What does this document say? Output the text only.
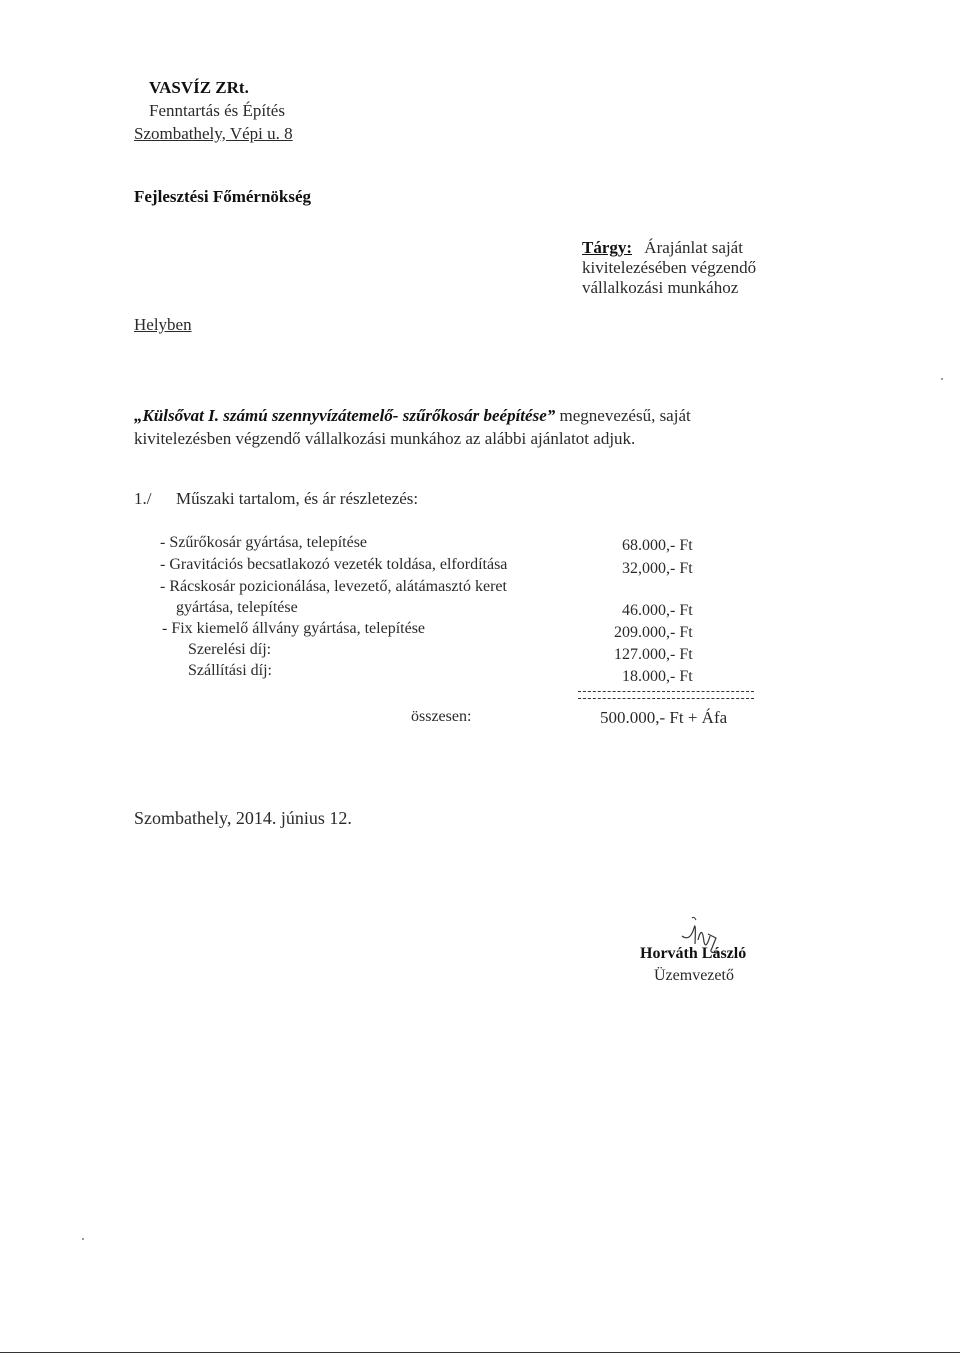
VASVÍZ ZRt.
Fenntartás és Építés
Szombathely, Vépi u. 8
Fejlesztési Főmérnökség
Tárgy: Árajánlat saját
kivitelezésében végzendő
vállalkozási munkához
Helyben
„Külsővat I. számú szennyvízátemelő- szűrőkosár beépítése” megnevezésű, saját
kivitelezésben végzendő vállalkozási munkához az alábbi ajánlatot adjuk.
1./ Műszaki tartalom, és ár részletezés:
- Szűrőkosár gyártása, telepítése	68.000,- Ft
- Gravitációs becsatlakozó vezeték toldása, elfordítása	32,000,- Ft
- Rácskosár pozicionálása, levezető, alátámasztó keret
gyártása, telepítése	46.000,- Ft
- Fix kiemelő állvány gyártása, telepítése	209.000,- Ft
Szerelési díj:	127.000,- Ft
Szállítási díj:	18.000,- Ft
összesen:	500.000,- Ft + Áfa
Szombathely, 2014. június 12.
Horváth László
Üzemvezető
